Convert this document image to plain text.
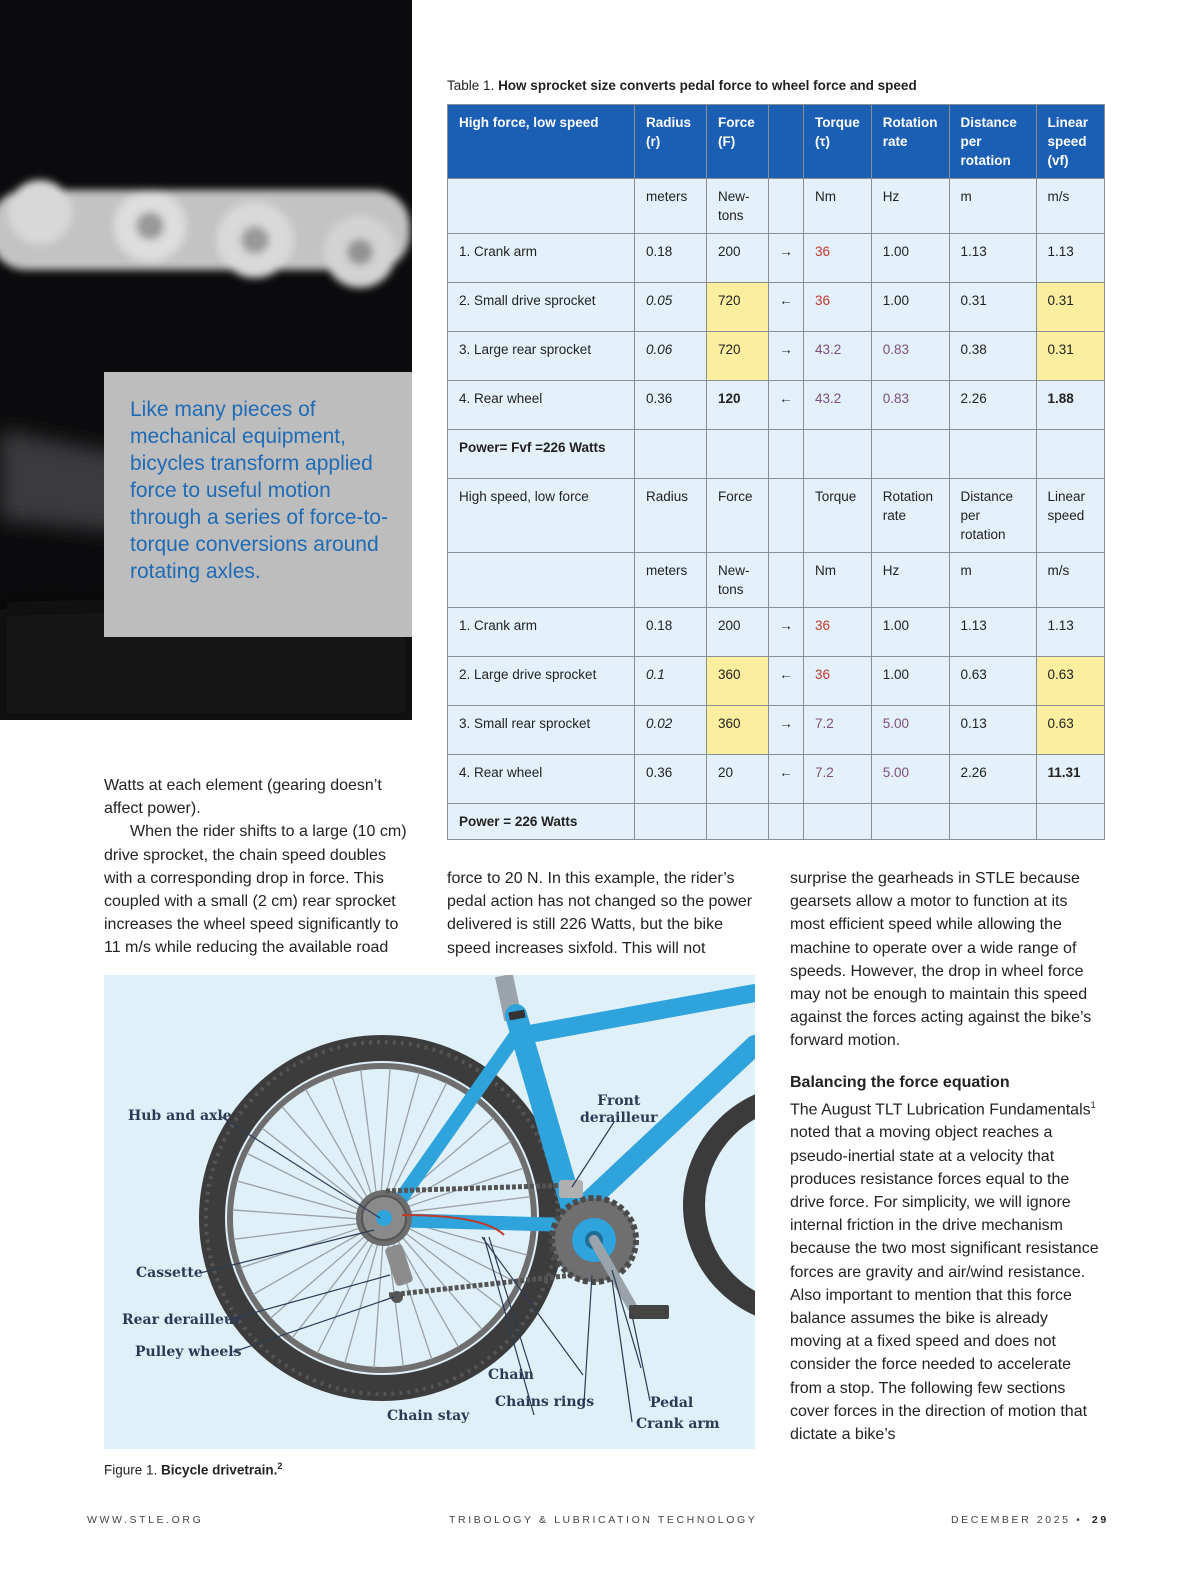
Like many pieces of mechanical equipment, bicycles transform applied force to useful motion through a series of force-to-torque conversions around rotating axles.

Table 1. How sprocket size converts pedal force to wheel force and speed
High force, low speed	Radius (r)	Force (F)		Torque (τ)	Rotation rate	Distance per rotation	Linear speed (vf)
	meters	New-tons		Nm	Hz	m	m/s
1. Crank arm	0.18	200	→	36	1.00	1.13	1.13
2. Small drive sprocket	0.05	720	←	36	1.00	0.31	0.31
3. Large rear sprocket	0.06	720	→	43.2	0.83	0.38	0.31
4. Rear wheel	0.36	120	←	43.2	0.83	2.26	1.88
Power= Fvf =226 Watts							
High speed, low force	Radius	Force		Torque	Rotation rate	Distance per rotation	Linear speed
	meters	New-tons		Nm	Hz	m	m/s
1. Crank arm	0.18	200	→	36	1.00	1.13	1.13
2. Large drive sprocket	0.1	360	←	36	1.00	0.63	0.63
3. Small rear sprocket	0.02	360	→	7.2	5.00	0.13	0.63
4. Rear wheel	0.36	20	←	7.2	5.00	2.26	11.31
Power = 226 Watts							

Watts at each element (gearing doesn’t affect power).

When the rider shifts to a large (10 cm) drive sprocket, the chain speed doubles with a corresponding drop in force. This coupled with a small (2 cm) rear sprocket increases the wheel speed significantly to 11 m/s while reducing the available road

force to 20 N. In this example, the rider’s pedal action has not changed so the power delivered is still 226 Watts, but the bike speed increases sixfold. This will not

surprise the gearheads in STLE because gearsets allow a motor to function at its most efficient speed while allowing the machine to operate over a wide range of speeds. However, the drop in wheel force may not be enough to maintain this speed against the forces acting against the bike’s forward motion.

Balancing the force equation

The August TLT Lubrication Fundamentals$^1$ noted that a moving object reaches a pseudo-inertial state at a velocity that produces resistance forces equal to the drive force. For simplicity, we will ignore internal friction in the drive mechanism because the two most significant resistance forces are gravity and air/wind resistance. Also important to mention that this force balance assumes the bike is already moving at a fixed speed and does not consider the force needed to accelerate from a stop. The following few sections cover forces in the direction of motion that dictate a bike’s

Hub and axle
Front
derailleur
Cassette
Rear derailleur
Pulley wheels
Chain
Chains rings
Chain stay
Pedal
Crank arm
Figure 1. Bicycle drivetrain.$^2$
WWW.STLE.ORG	TRIBOLOGY & LUBRICATION TECHNOLOGY	DECEMBER 2025 • 29
